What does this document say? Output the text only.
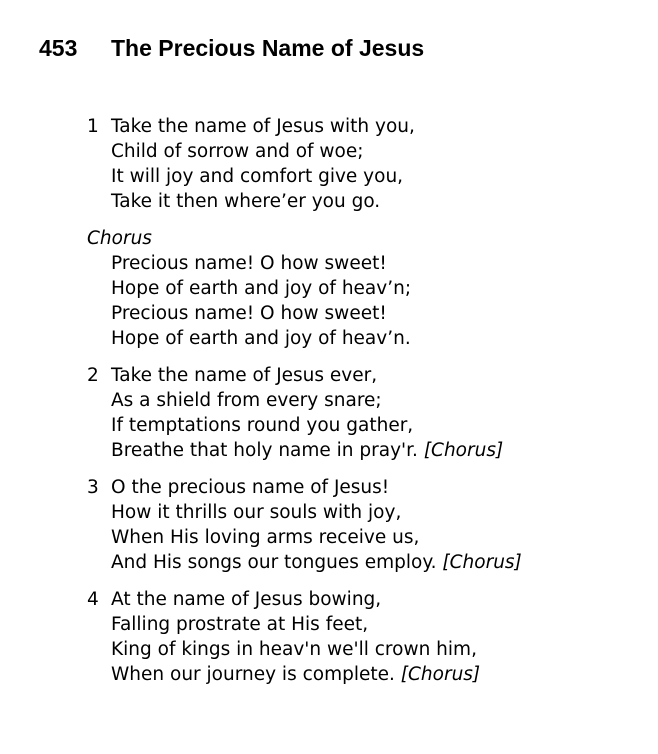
453 The Precious Name of Jesus
1 Take the name of Jesus with you,
Child of sorrow and of woe;
It will joy and comfort give you,
Take it then where’er you go.
Chorus
Precious name! O how sweet!
Hope of earth and joy of heav’n;
Precious name! O how sweet!
Hope of earth and joy of heav’n.
2 Take the name of Jesus ever,
As a shield from every snare;
If temptations round you gather,
Breathe that holy name in pray'r. [Chorus]
3 O the precious name of Jesus!
How it thrills our souls with joy,
When His loving arms receive us,
And His songs our tongues employ. [Chorus]
4 At the name of Jesus bowing,
Falling prostrate at His feet,
King of kings in heav'n we'll crown him,
When our journey is complete. [Chorus]
